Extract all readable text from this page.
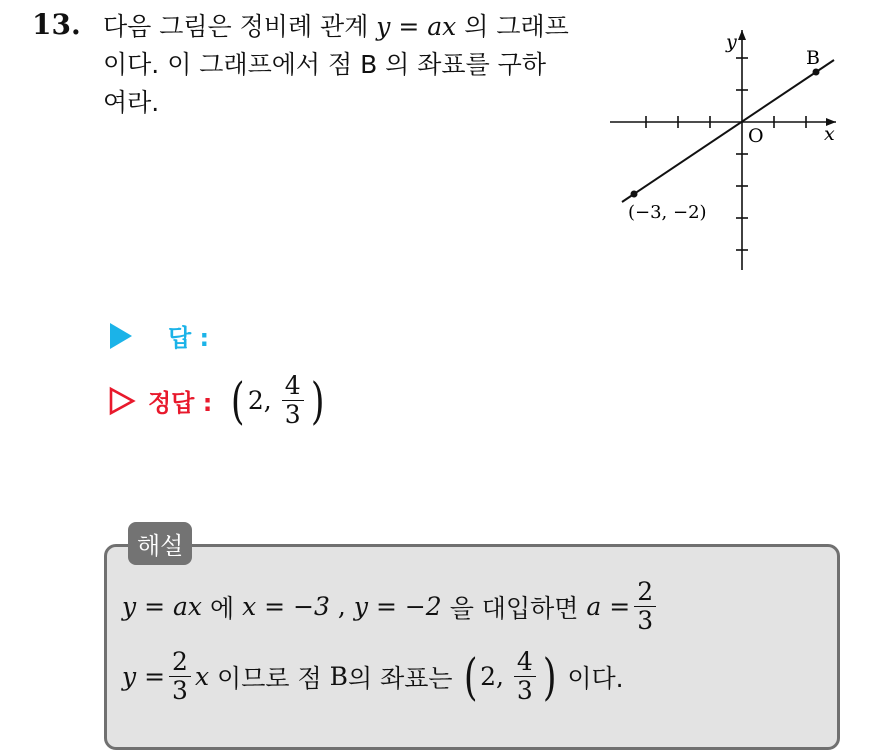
13. 다음 그림은 정비례 관계 y = ax 의 그래프
이다. 이 그래프에서 점 B 의 좌표를 구하
여라.
y
x
O
B
(−3, −2)
답 :
정답 : ( 2, $\frac{4}{3}$ )
해설
y = ax 에 x = −3 , y = −2 을 대입하면 $a = \frac{2}{3}$
$y = \frac{2}{3}$ x 이므로 점 B 의 좌표는 ( 2, $\frac{4}{3}$ ) 이다.
